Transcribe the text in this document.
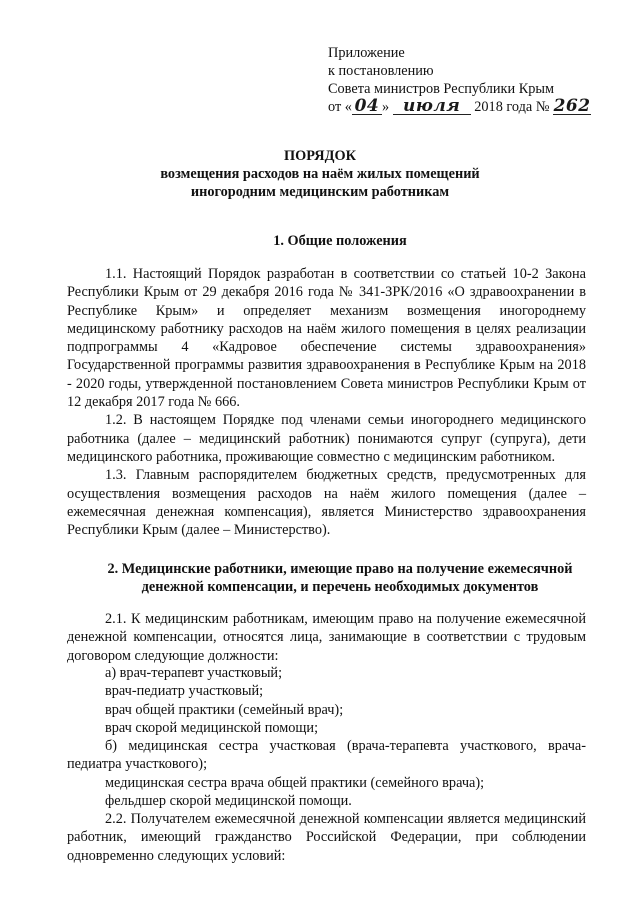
Приложение
к постановлению
Совета министров Республики Крым
от « 04 » июля 2018 года № 262
ПОРЯДОК
возмещения расходов на наём жилых помещений
иногородним медицинским работникам
1. Общие положения

1.1. Настоящий Порядок разработан в соответствии со статьей 10-2 Закона Республики Крым от 29 декабря 2016 года № 341-ЗРК/2016 «О здравоохранении в Республике Крым» и определяет механизм возмещения иногороднему медицинскому работнику расходов на наём жилого помещения в целях реализации подпрограммы 4 «Кадровое обеспечение системы здравоохранения» Государственной программы развития здравоохранения в Республике Крым на 2018 - 2020 годы, утвержденной постановлением Совета министров Республики Крым от 12 декабря 2017 года № 666.

1.2. В настоящем Порядке под членами семьи иногороднего медицинского работника (далее – медицинский работник) понимаются супруг (супруга), дети медицинского работника, проживающие совместно с медицинским работником.

1.3. Главным распорядителем бюджетных средств, предусмотренных для осуществления возмещения расходов на наём жилого помещения (далее – ежемесячная денежная компенсация), является Министерство здравоохранения Республики Крым (далее – Министерство).

2. Медицинские работники, имеющие право на получение ежемесячной
денежной компенсации, и перечень необходимых документов

2.1. К медицинским работникам, имеющим право на получение ежемесячной денежной компенсации, относятся лица, занимающие в соответствии с трудовым договором следующие должности:

а) врач-терапевт участковый;

врач-педиатр участковый;

врач общей практики (семейный врач);

врач скорой медицинской помощи;

б) медицинская сестра участковая (врача-терапевта участкового, врача-педиатра участкового);

медицинская сестра врача общей практики (семейного врача);

фельдшер скорой медицинской помощи.

2.2. Получателем ежемесячной денежной компенсации является медицинский работник, имеющий гражданство Российской Федерации, при соблюдении одновременно следующих условий:
